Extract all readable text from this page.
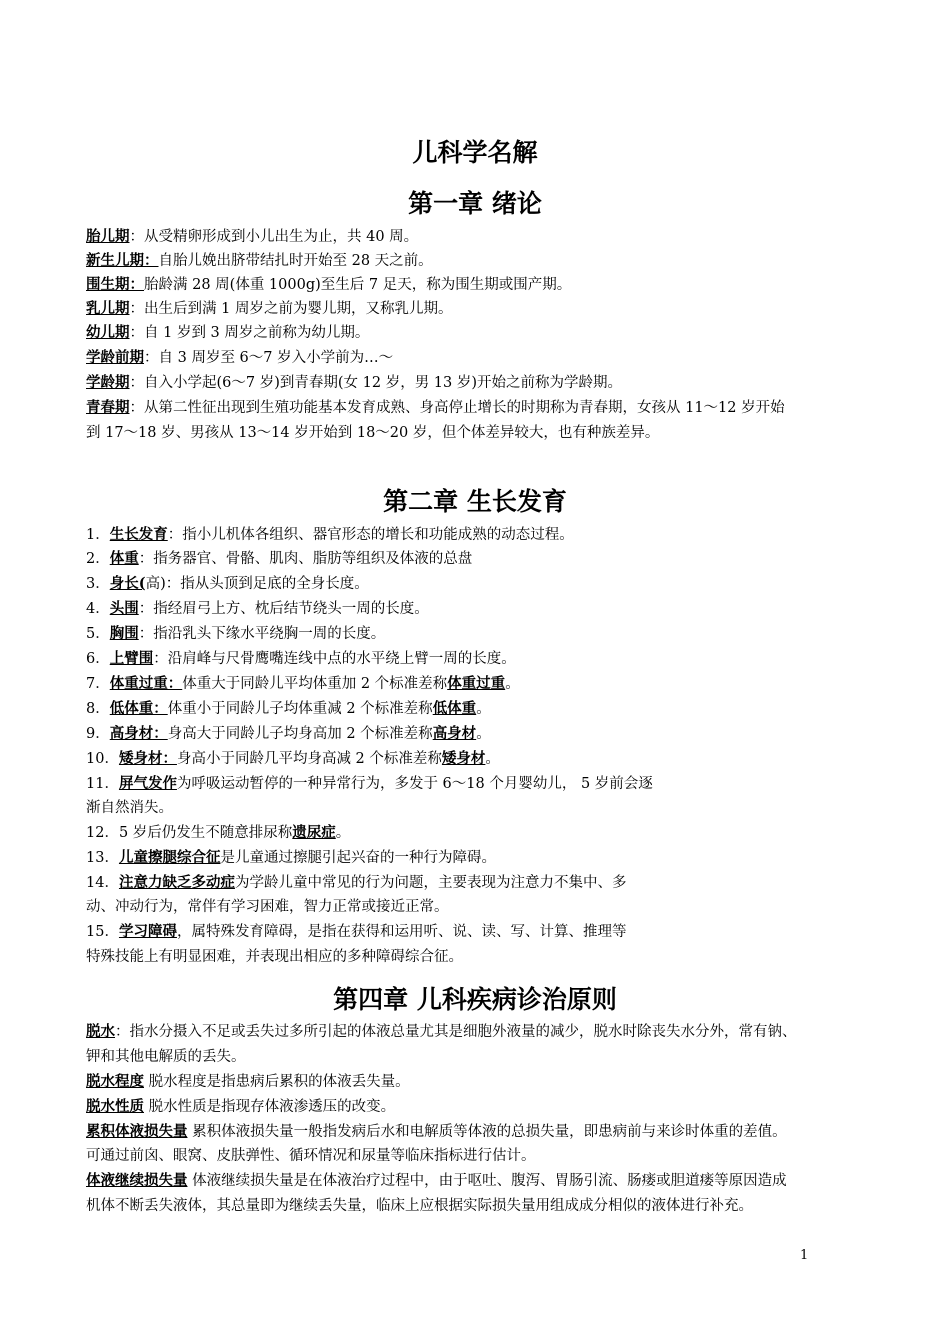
儿科学名解
第一章 绪论
胎儿期：从受精卵形成到小儿出生为止，共 40 周。
新生儿期：自胎儿娩出脐带结扎时开始至 28 天之前。
围生期：胎龄满 28 周(体重 1000g)至生后 7 足天，称为围生期或围产期。
乳儿期：出生后到满 1 周岁之前为婴儿期，又称乳儿期。
幼儿期：自 1 岁到 3 周岁之前称为幼儿期。
学龄前期：自 3 周岁至 6～7 岁入小学前为…～
学龄期：自入小学起(6～7 岁)到青春期(女 12 岁，男 13 岁)开始之前称为学龄期。
青春期：从第二性征出现到生殖功能基本发育成熟、身高停止增长的时期称为青春期，女孩从 11～12 岁开始
到 17～18 岁、男孩从 13～14 岁开始到 18～20 岁，但个体差异较大，也有种族差异。
第二章 生长发育
1．生长发育：指小儿机体各组织、器官形态的增长和功能成熟的动态过程。
2．体重：指务器官、骨骼、肌肉、脂肪等组织及体液的总盘
3．身长(高)：指从头顶到足底的全身长度。
4．头围：指经眉弓上方、枕后结节绕头一周的长度。
5．胸围：指沿乳头下缘水平绕胸一周的长度。
6．上臂围：沿肩峰与尺骨鹰嘴连线中点的水平绕上臂一周的长度。
7．体重过重：体重大于同龄儿平均体重加 2 个标准差称体重过重。
8．低体重：体重小于同龄儿子均体重减 2 个标准差称低体重。
9．高身材：身高大于同龄儿子均身高加 2 个标准差称高身材。
10．矮身材：身高小于同龄几平均身高减 2 个标准差称矮身材。
11．屏气发作为呼吸运动暂停的一种异常行为，多发于 6～18 个月婴幼儿， 5 岁前会逐
渐自然消失。
12．5 岁后仍发生不随意排尿称遗尿症。
13．儿童擦腿综合征是儿童通过擦腿引起兴奋的一种行为障碍。
14．注意力缺乏多动症为学龄儿童中常见的行为问题，主要表现为注意力不集中、多
动、冲动行为，常伴有学习困难，智力正常或接近正常。
15．学习障碍，属特殊发育障碍，是指在获得和运用听、说、读、写、计算、推理等
特殊技能上有明显困难，并表现出相应的多种障碍综合征。
第四章 儿科疾病诊治原则
脱水：指水分摄入不足或丢失过多所引起的体液总量尤其是细胞外液量的减少，脱水时除丧失水分外，常有钠、
钾和其他电解质的丢失。
脱水程度 脱水程度是指患病后累积的体液丢失量。
脱水性质 脱水性质是指现存体液渗透压的改变。
累积体液损失量 累积体液损失量一般指发病后水和电解质等体液的总损失量，即患病前与来诊时体重的差值。
可通过前囟、眼窝、皮肤弹性、循环情况和尿量等临床指标进行估计。
体液继续损失量 体液继续损失量是在体液治疗过程中，由于呕吐、腹泻、胃肠引流、肠瘘或胆道瘘等原因造成
机体不断丢失液体，其总量即为继续丢失量，临床上应根据实际损失量用组成成分相似的液体进行补充。
1
